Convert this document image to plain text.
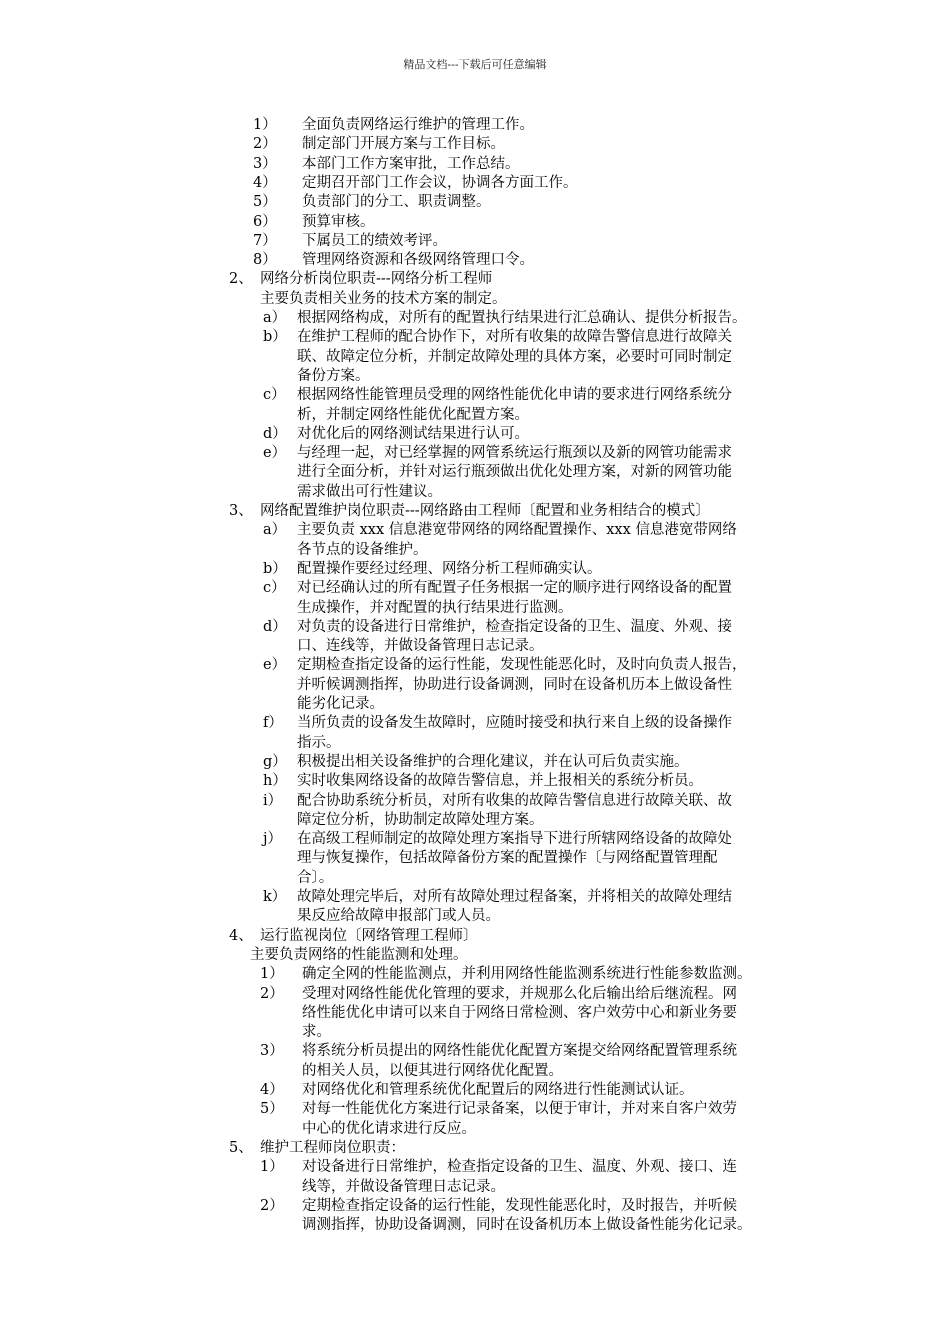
精品文档---下载后可任意编辑
1） 全面负责网络运行维护的管理工作。
2） 制定部门开展方案与工作目标。
3） 本部门工作方案审批，工作总结。
4） 定期召开部门工作会议，协调各方面工作。
5） 负责部门的分工、职责调整。
6） 预算审核。
7） 下属员工的绩效考评。
8） 管理网络资源和各级网络管理口令。
2、 网络分析岗位职责---网络分析工程师
主要负责相关业务的技术方案的制定。
a） 根据网络构成，对所有的配置执行结果进行汇总确认、提供分析报告。
b） 在维护工程师的配合协作下，对所有收集的故障告警信息进行故障关
联、故障定位分析，并制定故障处理的具体方案，必要时可同时制定
备份方案。
c） 根据网络性能管理员受理的网络性能优化申请的要求进行网络系统分
析，并制定网络性能优化配置方案。
d） 对优化后的网络测试结果进行认可。
e） 与经理一起，对已经掌握的网管系统运行瓶颈以及新的网管功能需求
进行全面分析，并针对运行瓶颈做出优化处理方案，对新的网管功能
需求做出可行性建议。
3、 网络配置维护岗位职责---网络路由工程师〔配置和业务相结合的模式〕
a） 主要负责 xxx 信息港宽带网络的网络配置操作、xxx 信息港宽带网络
各节点的设备维护。
b） 配置操作要经过经理、网络分析工程师确实认。
c） 对已经确认过的所有配置子任务根据一定的顺序进行网络设备的配置
生成操作，并对配置的执行结果进行监测。
d） 对负责的设备进行日常维护，检查指定设备的卫生、温度、外观、接
口、连线等，并做设备管理日志记录。
e） 定期检查指定设备的运行性能，发现性能恶化时，及时向负责人报告，
并听候调测指挥，协助进行设备调测，同时在设备机历本上做设备性
能劣化记录。
f） 当所负责的设备发生故障时，应随时接受和执行来自上级的设备操作
指示。
g） 积极提出相关设备维护的合理化建议，并在认可后负责实施。
h） 实时收集网络设备的故障告警信息，并上报相关的系统分析员。
i） 配合协助系统分析员，对所有收集的故障告警信息进行故障关联、故
障定位分析，协助制定故障处理方案。
j） 在高级工程师制定的故障处理方案指导下进行所辖网络设备的故障处
理与恢复操作，包括故障备份方案的配置操作〔与网络配置管理配
合〕。
k） 故障处理完毕后，对所有故障处理过程备案，并将相关的故障处理结
果反应给故障申报部门或人员。
4、 运行监视岗位〔网络管理工程师〕
主要负责网络的性能监测和处理。
1） 确定全网的性能监测点，并利用网络性能监测系统进行性能参数监测。
2） 受理对网络性能优化管理的要求，并规那么化后输出给后继流程。网
络性能优化申请可以来自于网络日常检测、客户效劳中心和新业务要
求。
3） 将系统分析员提出的网络性能优化配置方案提交给网络配置管理系统
的相关人员，以便其进行网络优化配置。
4） 对网络优化和管理系统优化配置后的网络进行性能测试认证。
5） 对每一性能优化方案进行记录备案，以便于审计，并对来自客户效劳
中心的优化请求进行反应。
5、 维护工程师岗位职责：
1） 对设备进行日常维护，检查指定设备的卫生、温度、外观、接口、连
线等，并做设备管理日志记录。
2） 定期检查指定设备的运行性能，发现性能恶化时，及时报告，并听候
调测指挥，协助设备调测，同时在设备机历本上做设备性能劣化记录。
